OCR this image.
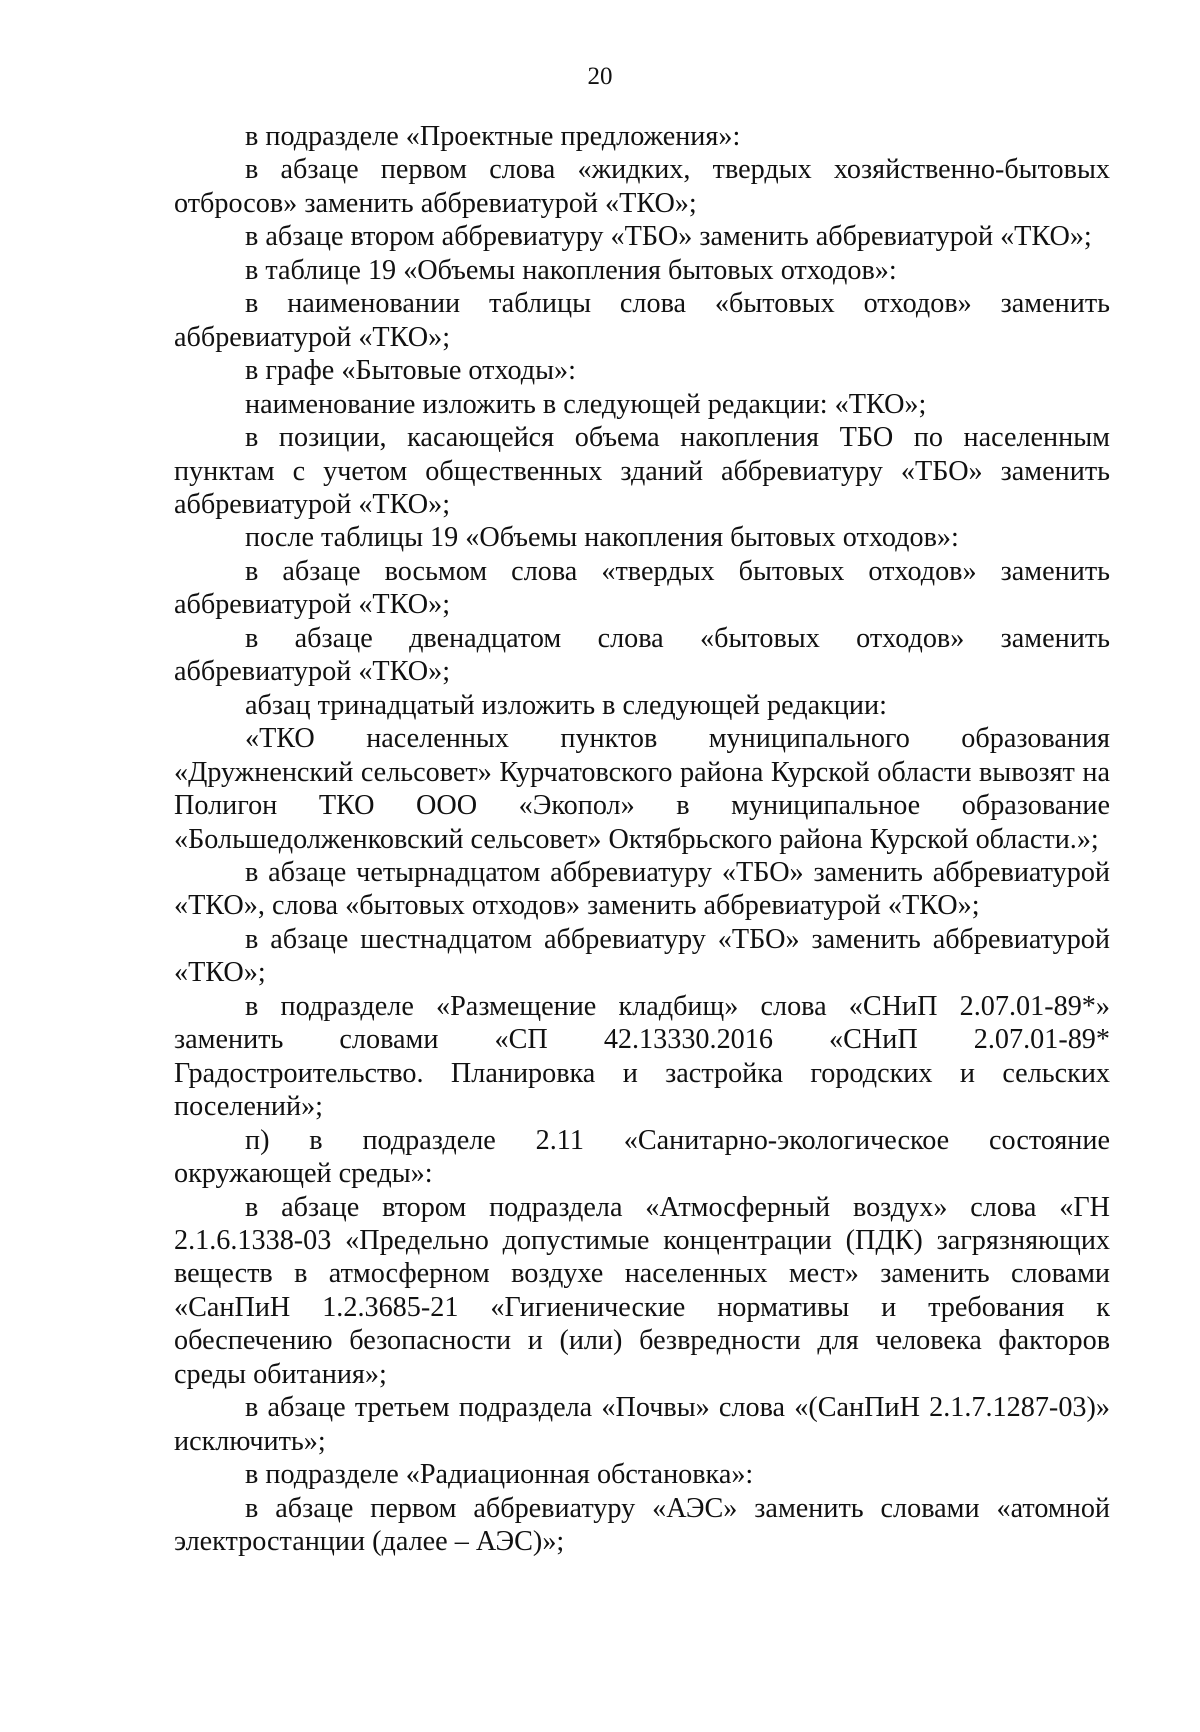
20

в подразделе «Проектные предложения»:

в абзаце первом слова «жидких, твердых хозяйственно-бытовых отбросов» заменить аббревиатурой «ТКО»;

в абзаце втором аббревиатуру «ТБО» заменить аббревиатурой «ТКО»;

в таблице 19 «Объемы накопления бытовых отходов»:

в наименовании таблицы слова «бытовых отходов» заменить аббревиатурой «ТКО»;

в графе «Бытовые отходы»:

наименование изложить в следующей редакции: «ТКО»;

в позиции, касающейся объема накопления ТБО по населенным пунктам с учетом общественных зданий аббревиатуру «ТБО» заменить аббревиатурой «ТКО»;

после таблицы 19 «Объемы накопления бытовых отходов»:

в абзаце восьмом слова «твердых бытовых отходов» заменить аббревиатурой «ТКО»;

в абзаце двенадцатом слова «бытовых отходов» заменить аббревиатурой «ТКО»;

абзац тринадцатый изложить в следующей редакции:

«ТКО населенных пунктов муниципального образования «Дружненский сельсовет» Курчатовского района Курской области вывозят на Полигон ТКО ООО «Экопол» в муниципальное образование «Большедолженковский сельсовет» Октябрьского района Курской области.»;

в абзаце четырнадцатом аббревиатуру «ТБО» заменить аббревиатурой «ТКО», слова «бытовых отходов» заменить аббревиатурой «ТКО»;

в абзаце шестнадцатом аббревиатуру «ТБО» заменить аббревиатурой «ТКО»;

в подразделе «Размещение кладбищ» слова «СНиП 2.07.01-89*» заменить словами «СП 42.13330.2016 «СНиП 2.07.01-89* Градостроительство. Планировка и застройка городских и сельских поселений»;

п) в подразделе 2.11 «Санитарно-экологическое состояние окружающей среды»:

в абзаце втором подраздела «Атмосферный воздух» слова «ГН 2.1.6.1338-03 «Предельно допустимые концентрации (ПДК) загрязняющих веществ в атмосферном воздухе населенных мест» заменить словами «СанПиН 1.2.3685-21 «Гигиенические нормативы и требования к обеспечению безопасности и (или) безвредности для человека факторов среды обитания»;

в абзаце третьем подраздела «Почвы» слова «(СанПиН 2.1.7.1287-03)» исключить»;

в подразделе «Радиационная обстановка»:

в абзаце первом аббревиатуру «АЭС» заменить словами «атомной электростанции (далее – АЭС)»;
